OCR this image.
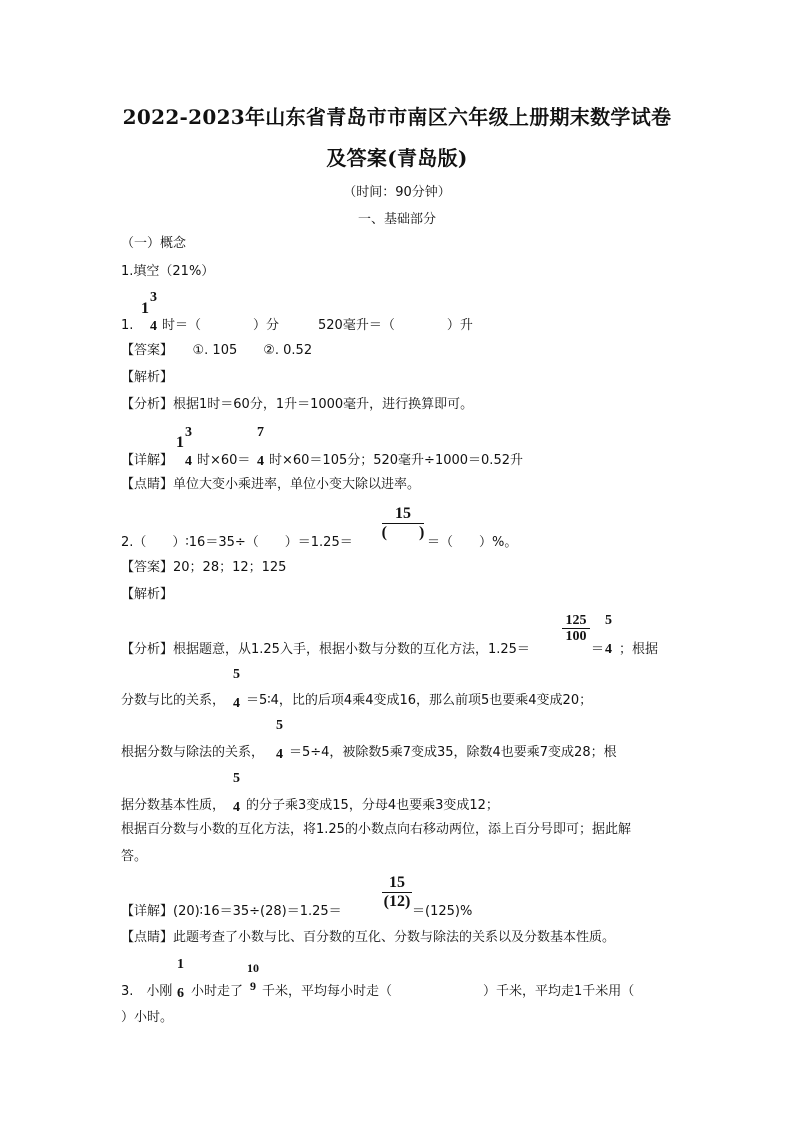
2022-2023年山东省青岛市市南区六年级上册期末数学试卷
及答案(青岛版)
（时间：90分钟）
一、基础部分
（一）概念
1.填空（21%）
1.
1
3
4 时＝（　　　　）分　　　520毫升＝（　　　　）升
【答案】　　①. 105　　②. 0.52
【解析】
【分析】根据1时＝60分，1升＝1000毫升，进行换算即可。
【详解】
1
3
4 时×60＝
7
4 时×60＝105分；520毫升÷1000＝0.52升
【点睛】单位大变小乘进率，单位小变大除以进率。
2.（　　）∶16＝35÷（　　）＝1.25＝
15
(　　)
＝（　　）%。
【答案】20；28；12；125
【解析】
【分析】根据题意，从1.25入手，根据小数与分数的互化方法，1.25＝
125
100
＝
5
4 ；根据
分数与比的关系，
5
4 ＝5∶4，比的后项4乘4变成16，那么前项5也要乘4变成20；
根据分数与除法的关系，
5
4 ＝5÷4，被除数5乘7变成35，除数4也要乘7变成28；根
据分数基本性质，
5
4 的分子乘3变成15，分母4也要乘3变成12；
根据百分数与小数的互化方法，将1.25的小数点向右移动两位，添上百分号即可；据此解
答。
【详解】(20)∶16＝35÷(28)＝1.25＝
15
(12)
＝(125)%
【点睛】此题考查了小数与比、百分数的互化、分数与除法的关系以及分数基本性质。
3.　小刚
1
6 小时走了
10
9 千米，平均每小时走（　　　　　　　）千米，平均走1千米用（
）小时。
